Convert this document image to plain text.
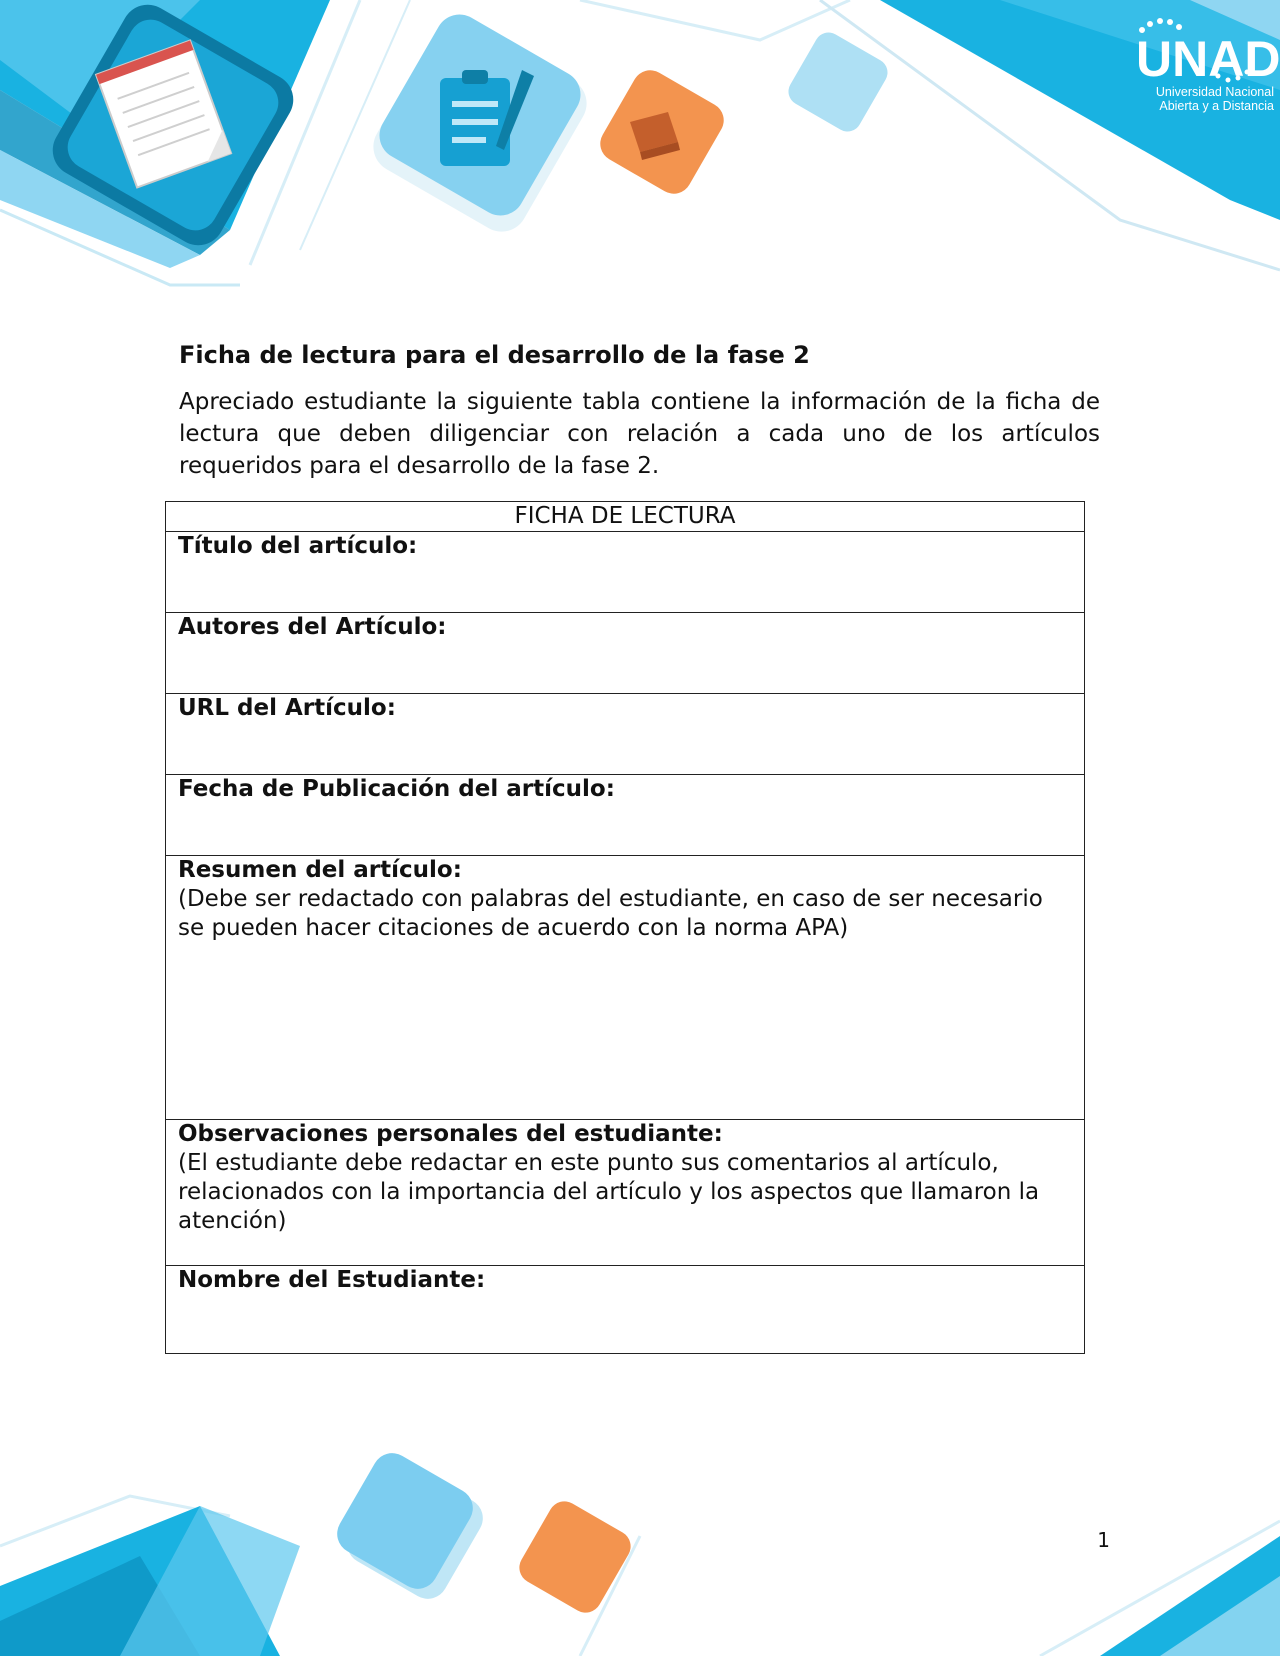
UNAD
Universidad Nacional
Abierta y a Distancia
Ficha de lectura para el desarrollo de la fase 2

Apreciado estudiante la siguiente tabla contiene la información de la ficha de lectura que deben diligenciar con relación a cada uno de los artículos requeridos para el desarrollo de la fase 2.

FICHA DE LECTURA

Título del artículo:

Autores del Artículo:

URL del Artículo:

Fecha de Publicación del artículo:

Resumen del artículo:
(Debe ser redactado con palabras del estudiante, en caso de ser necesario se pueden hacer citaciones de acuerdo con la norma APA)

Observaciones personales del estudiante:
(El estudiante debe redactar en este punto sus comentarios al artículo, relacionados con la importancia del artículo y los aspectos que llamaron la atención)

Nombre del Estudiante:
1
